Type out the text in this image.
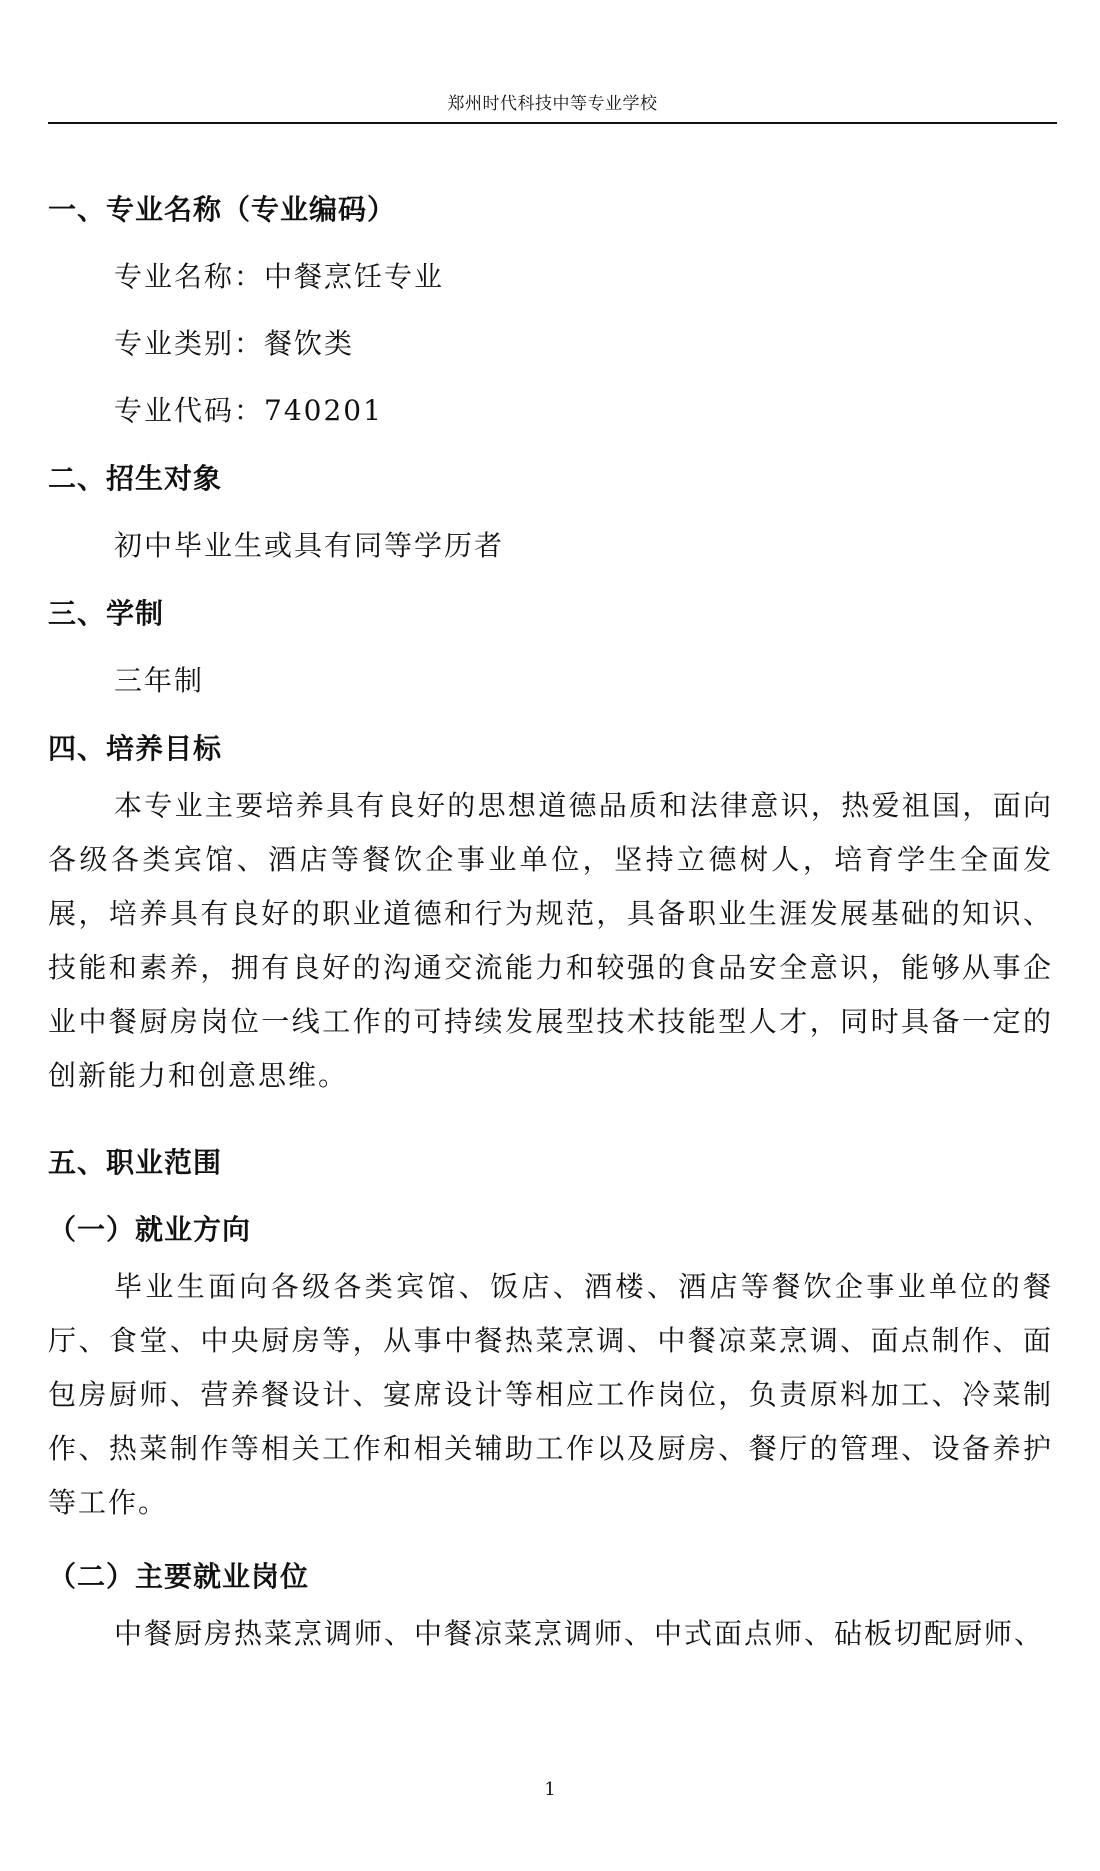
郑州时代科技中等专业学校

一、专业名称（专业编码）

专业名称：中餐烹饪专业

专业类别：餐饮类

专业代码：740201

二、招生对象

初中毕业生或具有同等学历者

三、学制

三年制

四、培养目标

本专业主要培养具有良好的思想道德品质和法律意识，热爱祖国，面向各级各类宾馆、酒店等餐饮企事业单位，坚持立德树人，培育学生全面发展，培养具有良好的职业道德和行为规范，具备职业生涯发展基础的知识、技能和素养，拥有良好的沟通交流能力和较强的食品安全意识，能够从事企业中餐厨房岗位一线工作的可持续发展型技术技能型人才，同时具备一定的创新能力和创意思维。

五、职业范围

（一）就业方向

毕业生面向各级各类宾馆、饭店、酒楼、酒店等餐饮企事业单位的餐厅、食堂、中央厨房等，从事中餐热菜烹调、中餐凉菜烹调、面点制作、面包房厨师、营养餐设计、宴席设计等相应工作岗位，负责原料加工、冷菜制作、热菜制作等相关工作和相关辅助工作以及厨房、餐厅的管理、设备养护等工作。

（二）主要就业岗位

中餐厨房热菜烹调师、中餐凉菜烹调师、中式面点师、砧板切配厨师、

1
